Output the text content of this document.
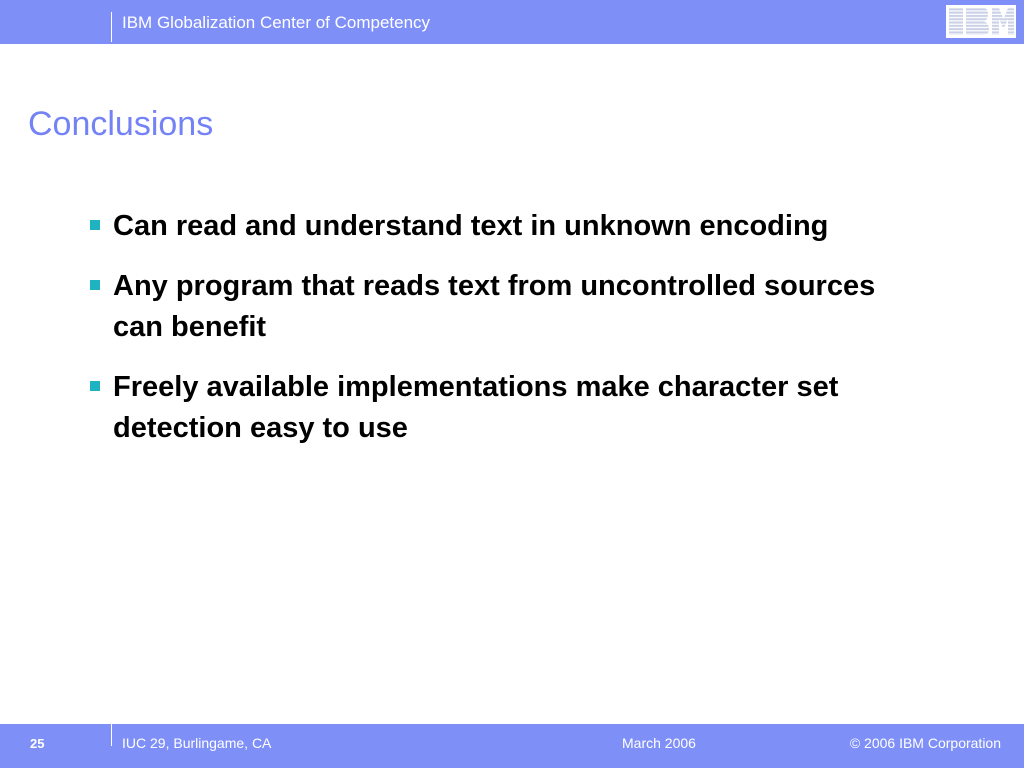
IBM Globalization Center of Competency
Conclusions
Can read and understand text in unknown encoding
Any program that reads text from uncontrolled sources can benefit
Freely available implementations make character set detection easy to use
25	IUC 29, Burlingame, CA	March 2006	© 2006 IBM Corporation
